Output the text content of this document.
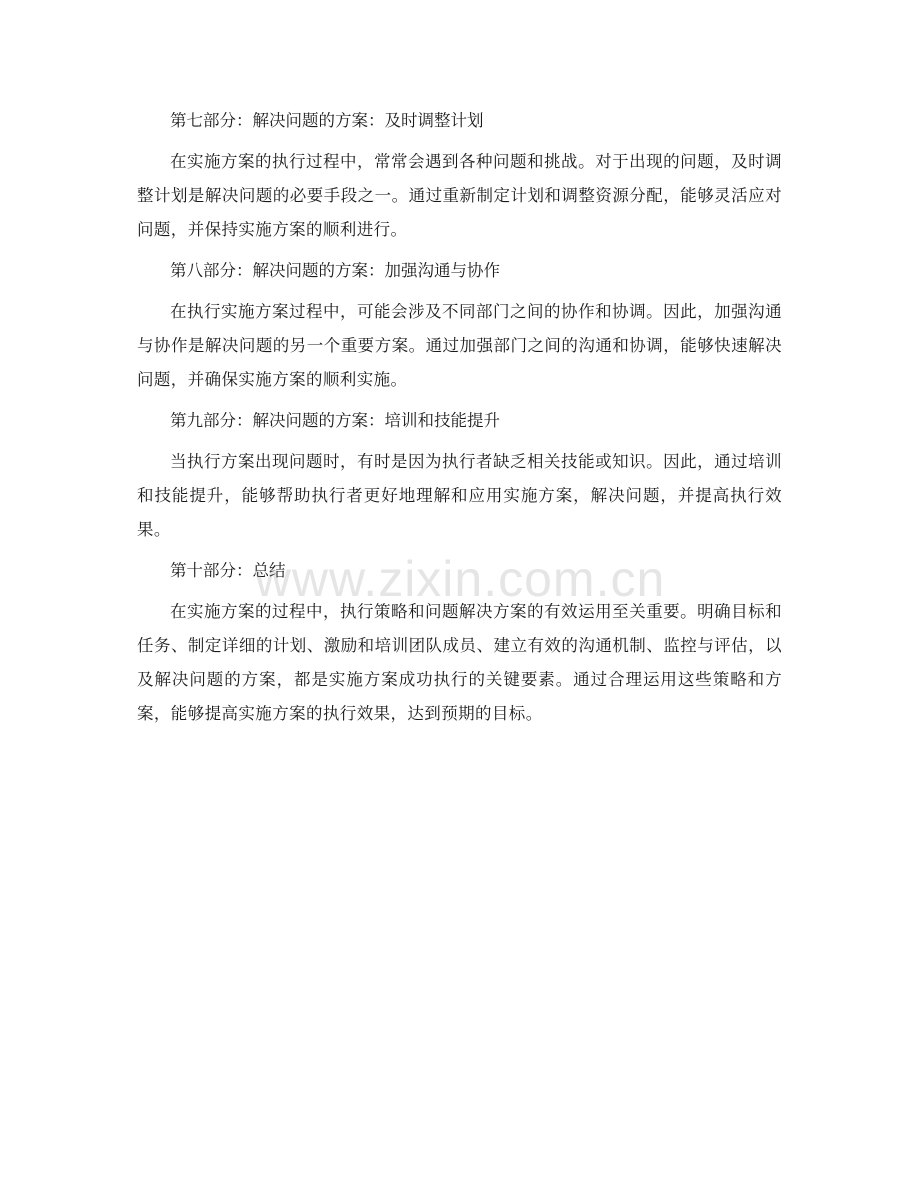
第七部分：解决问题的方案：及时调整计划

在实施方案的执行过程中，常常会遇到各种问题和挑战。对于出现的问题，及时调整计划是解决问题的必要手段之一。通过重新制定计划和调整资源分配，能够灵活应对问题，并保持实施方案的顺利进行。

第八部分：解决问题的方案：加强沟通与协作

在执行实施方案过程中，可能会涉及不同部门之间的协作和协调。因此，加强沟通与协作是解决问题的另一个重要方案。通过加强部门之间的沟通和协调，能够快速解决问题，并确保实施方案的顺利实施。

第九部分：解决问题的方案：培训和技能提升

当执行方案出现问题时，有时是因为执行者缺乏相关技能或知识。因此，通过培训和技能提升，能够帮助执行者更好地理解和应用实施方案，解决问题，并提高执行效果。

第十部分：总结

在实施方案的过程中，执行策略和问题解决方案的有效运用至关重要。明确目标和任务、制定详细的计划、激励和培训团队成员、建立有效的沟通机制、监控与评估，以及解决问题的方案，都是实施方案成功执行的关键要素。通过合理运用这些策略和方案，能够提高实施方案的执行效果，达到预期的目标。

www.zixin.com.cn
